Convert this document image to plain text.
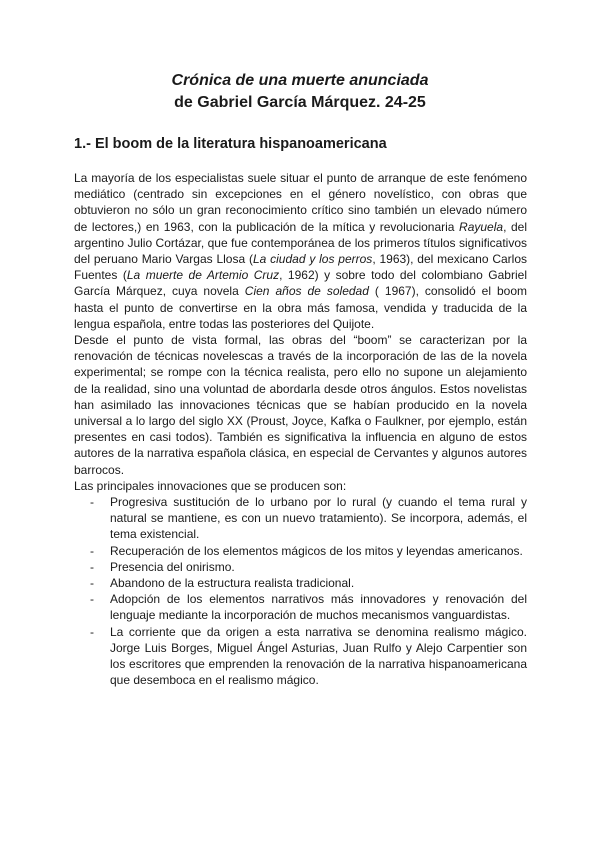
Crónica de una muerte anunciada
de Gabriel García Márquez. 24-25
1.- El boom de la literatura hispanoamericana

La mayoría de los especialistas suele situar el punto de arranque de este fenómeno mediático (centrado sin excepciones en el género novelístico, con obras que obtuvieron no sólo un gran reconocimiento crítico sino también un elevado número de lectores,) en 1963, con la publicación de la mítica y revolucionaria Rayuela, del argentino Julio Cortázar, que fue contemporánea de los primeros títulos significativos del peruano Mario Vargas Llosa (La ciudad y los perros, 1963), del mexicano Carlos Fuentes (La muerte de Artemio Cruz, 1962) y sobre todo del colombiano Gabriel García Márquez, cuya novela Cien años de soledad ( 1967), consolidó el boom hasta el punto de convertirse en la obra más famosa, vendida y traducida de la lengua española, entre todas las posteriores del Quijote.

Desde el punto de vista formal, las obras del “boom” se caracterizan por la renovación de técnicas novelescas a través de la incorporación de las de la novela experimental; se rompe con la técnica realista, pero ello no supone un alejamiento de la realidad, sino una voluntad de abordarla desde otros ángulos. Estos novelistas han asimilado las innovaciones técnicas que se habían producido en la novela universal a lo largo del siglo XX (Proust, Joyce, Kafka o Faulkner, por ejemplo, están presentes en casi todos). También es significativa la influencia en alguno de estos autores de la narrativa española clásica, en especial de Cervantes y algunos autores barrocos.

Las principales innovaciones que se producen son:

- Progresiva sustitución de lo urbano por lo rural (y cuando el tema rural y natural se mantiene, es con un nuevo tratamiento). Se incorpora, además, el tema existencial.
- Recuperación de los elementos mágicos de los mitos y leyendas americanos.
- Presencia del onirismo.
- Abandono de la estructura realista tradicional.
- Adopción de los elementos narrativos más innovadores y renovación del lenguaje mediante la incorporación de muchos mecanismos vanguardistas.
- La corriente que da origen a esta narrativa se denomina realismo mágico. Jorge Luis Borges, Miguel Ángel Asturias, Juan Rulfo y Alejo Carpentier son los escritores que emprenden la renovación de la narrativa hispanoamericana que desemboca en el realismo mágico.
